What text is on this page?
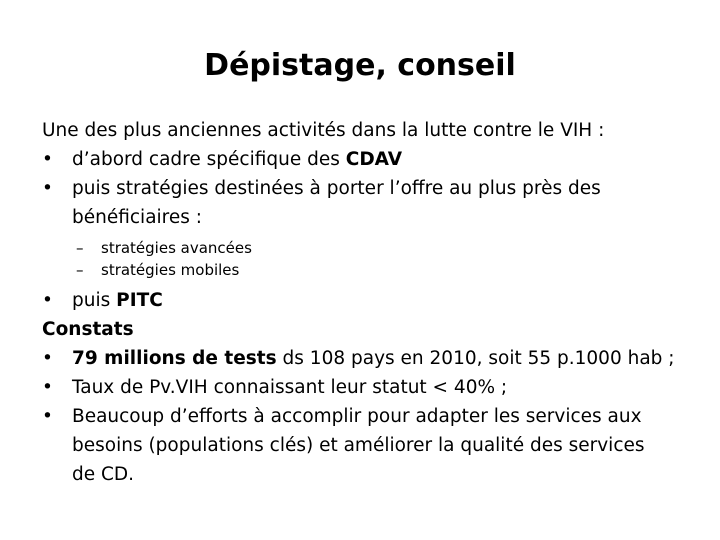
Dépistage, conseil
Une des plus anciennes activités dans la lutte contre le VIH :
• d’abord cadre spécifique des CDAV
• puis stratégies destinées à porter l’offre au plus près des
bénéficiaires :
– stratégies avancées
– stratégies mobiles
• puis PITC
Constats
• 79 millions de tests ds 108 pays en 2010, soit 55 p.1000 hab ;
• Taux de Pv.VIH connaissant leur statut < 40% ;
• Beaucoup d’efforts à accomplir pour adapter les services aux
besoins (populations clés) et améliorer la qualité des services
de CD.
